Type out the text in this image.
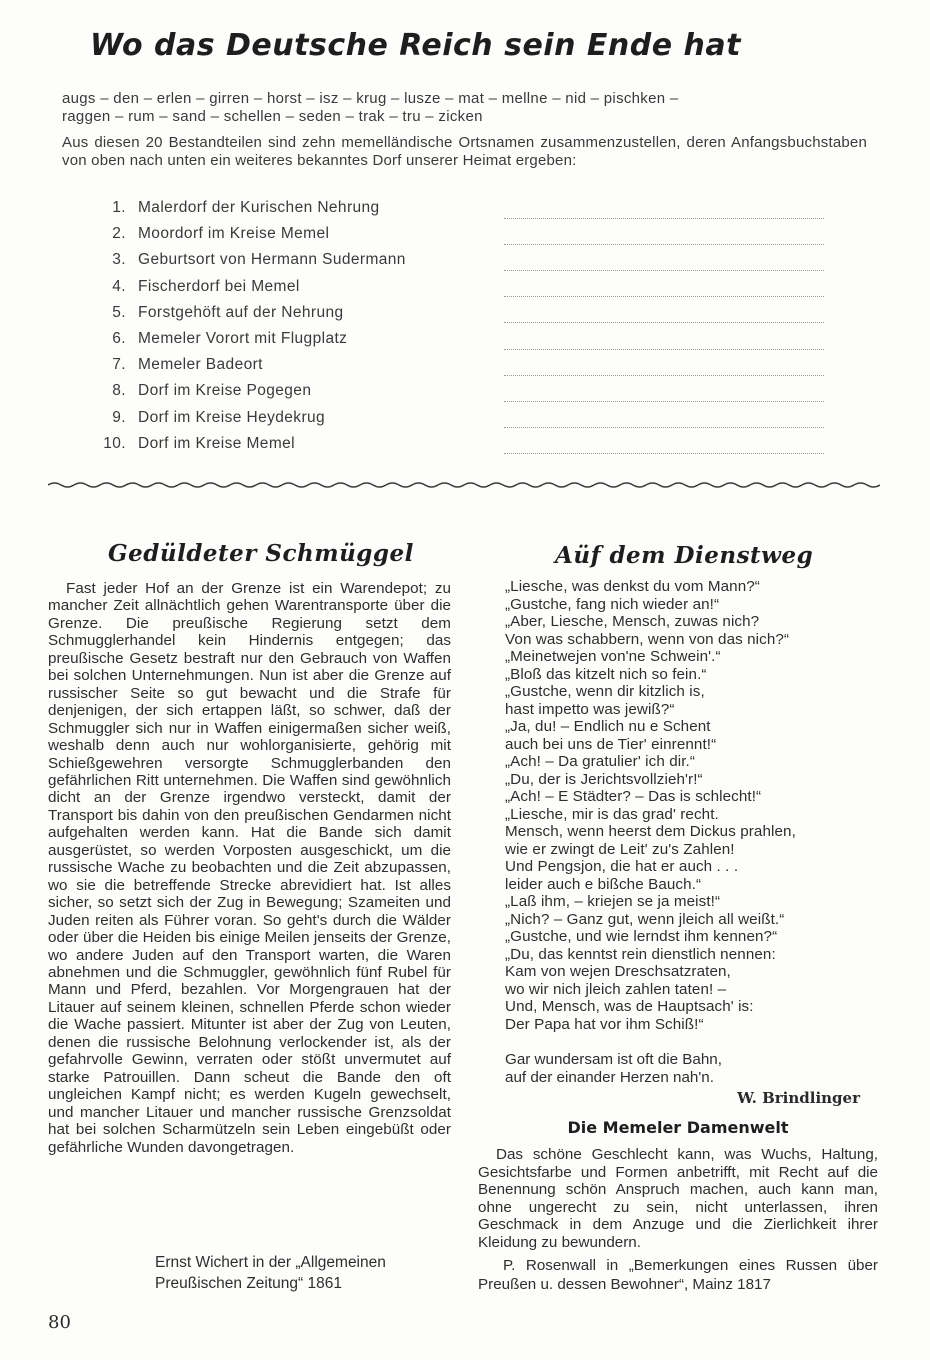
Wo das Deutsche Reich sein Ende hat
augs – den – erlen – girren – horst – isz – krug – lusze – mat – mellne – nid – pischken –
raggen – rum – sand – schellen – seden – trak – tru – zicken

Aus diesen 20 Bestandteilen sind zehn memelländische Ortsnamen zusammenzustellen, deren Anfangsbuchstaben von oben nach unten ein weiteres bekanntes Dorf unserer Heimat ergeben:

1. Malerdorf der Kurischen Nehrung
2. Moordorf im Kreise Memel
3. Geburtsort von Hermann Sudermann
4. Fischerdorf bei Memel
5. Forstgehöft auf der Nehrung
6. Memeler Vorort mit Flugplatz
7. Memeler Badeort
8. Dorf im Kreise Pogegen
9. Dorf im Kreise Heydekrug
10. Dorf im Kreise Memel
Gedüldeter Schmüggel

Fast jeder Hof an der Grenze ist ein Warendepot; zu mancher Zeit allnächtlich gehen Warentransporte über die Grenze. Die preußische Regierung setzt dem Schmugglerhandel kein Hindernis entgegen; das preußische Gesetz bestraft nur den Gebrauch von Waffen bei solchen Unternehmungen. Nun ist aber die Grenze auf russischer Seite so gut bewacht und die Strafe für denjenigen, der sich ertappen läßt, so schwer, daß der Schmuggler sich nur in Waffen einigermaßen sicher weiß, weshalb denn auch nur wohlorganisierte, gehörig mit Schießgewehren versorgte Schmugglerbanden den gefährlichen Ritt unternehmen. Die Waffen sind gewöhnlich dicht an der Grenze irgendwo versteckt, damit der Transport bis dahin von den preußischen Gendarmen nicht aufgehalten werden kann. Hat die Bande sich damit ausgerüstet, so werden Vorposten ausgeschickt, um die russische Wache zu beobachten und die Zeit abzupassen, wo sie die betreffende Strecke abrevidiert hat. Ist alles sicher, so setzt sich der Zug in Bewegung; Szameiten und Juden reiten als Führer voran. So geht's durch die Wälder oder über die Heiden bis einige Meilen jenseits der Grenze, wo andere Juden auf den Transport warten, die Waren abnehmen und die Schmuggler, gewöhnlich fünf Rubel für Mann und Pferd, bezahlen. Vor Morgengrauen hat der Litauer auf seinem kleinen, schnellen Pferde schon wieder die Wache passiert. Mitunter ist aber der Zug von Leuten, denen die russische Belohnung verlockender ist, als der gefahrvolle Gewinn, verraten oder stößt unvermutet auf starke Patrouillen. Dann scheut die Bande den oft ungleichen Kampf nicht; es werden Kugeln gewechselt, und mancher Litauer und mancher russische Grenzsoldat hat bei solchen Scharmützeln sein Leben eingebüßt oder gefährliche Wunden davongetragen.

Ernst Wichert in der „Allgemeinen
Preußischen Zeitung“ 1861
Aüf dem Dienstweg
„Liesche, was denkst du vom Mann?“
„Gustche, fang nich wieder an!“
„Aber, Liesche, Mensch, zuwas nich?
Von was schabbern, wenn von das nich?“
„Meinetwejen von'ne Schwein'.“
„Bloß das kitzelt nich so fein.“
„Gustche, wenn dir kitzlich is,
hast impetto was jewiß?“
„Ja, du! – Endlich nu e Schent
auch bei uns de Tier' einrennt!“
„Ach! – Da gratulier' ich dir.“
„Du, der is Jerichtsvollzieh'r!“
„Ach! – E Städter? – Das is schlecht!“
„Liesche, mir is das grad' recht.
Mensch, wenn heerst dem Dickus prahlen,
wie er zwingt de Leit' zu's Zahlen!
Und Pengsjon, die hat er auch . . .
leider auch e bißche Bauch.“
„Laß ihm, – kriejen se ja meist!“
„Nich? – Ganz gut, wenn jleich all weißt.“
„Gustche, und wie lerndst ihm kennen?“
„Du, das kenntst rein dienstlich nennen:
Kam von wejen Dreschsatzraten,
wo wir nich jleich zahlen taten! –
Und, Mensch, was de Hauptsach' is:
Der Papa hat vor ihm Schiß!“
Gar wundersam ist oft die Bahn,
auf der einander Herzen nah'n.
W. Brindlinger
Die Memeler Damenwelt

Das schöne Geschlecht kann, was Wuchs, Haltung, Gesichtsfarbe und Formen anbetrifft, mit Recht auf die Benennung schön Anspruch machen, auch kann man, ohne ungerecht zu sein, nicht unterlassen, ihren Geschmack in dem Anzuge und die Zierlichkeit ihrer Kleidung zu bewundern.

P. Rosenwall in „Bemerkungen eines Russen über Preußen u. dessen Bewohner“, Mainz 1817

80
